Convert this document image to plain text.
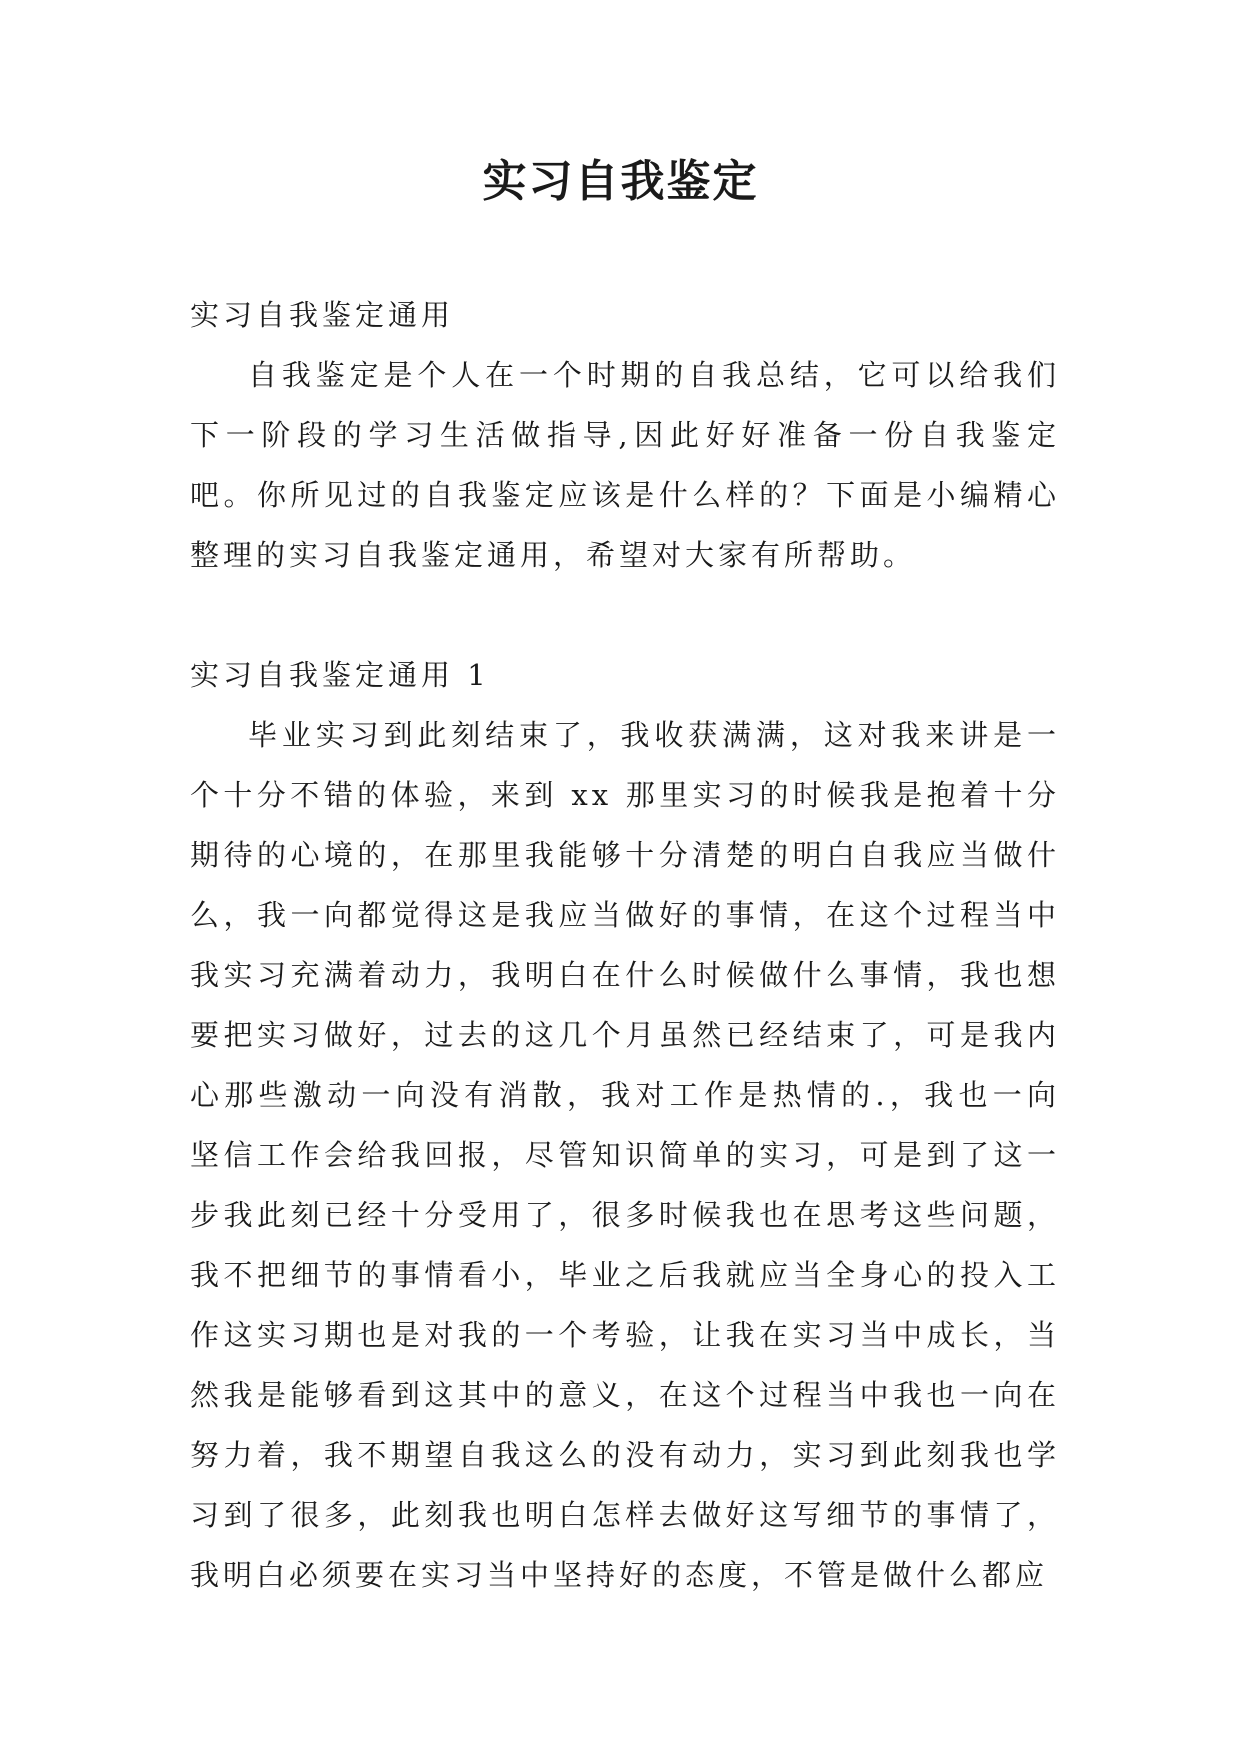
实习自我鉴定

实习自我鉴定通用

自我鉴定是个人在一个时期的自我总结，它可以给我们下一阶段的学习生活做指导,因此好好准备一份自我鉴定吧。你所见过的自我鉴定应该是什么样的？下面是小编精心整理的实习自我鉴定通用，希望对大家有所帮助。

实习自我鉴定通用 1

毕业实习到此刻结束了，我收获满满，这对我来讲是一个十分不错的体验，来到 xx 那里实习的时候我是抱着十分期待的心境的，在那里我能够十分清楚的明白自我应当做什么，我一向都觉得这是我应当做好的事情，在这个过程当中我实习充满着动力，我明白在什么时候做什么事情，我也想要把实习做好，过去的这几个月虽然已经结束了，可是我内心那些激动一向没有消散，我对工作是热情的.，我也一向坚信工作会给我回报，尽管知识简单的实习，可是到了这一步我此刻已经十分受用了，很多时候我也在思考这些问题，我不把细节的事情看小，毕业之后我就应当全身心的投入工作这实习期也是对我的一个考验，让我在实习当中成长，当然我是能够看到这其中的意义，在这个过程当中我也一向在努力着，我不期望自我这么的没有动力，实习到此刻我也学习到了很多，此刻我也明白怎样去做好这写细节的事情了，我明白必须要在实习当中坚持好的态度，不管是做什么都应
